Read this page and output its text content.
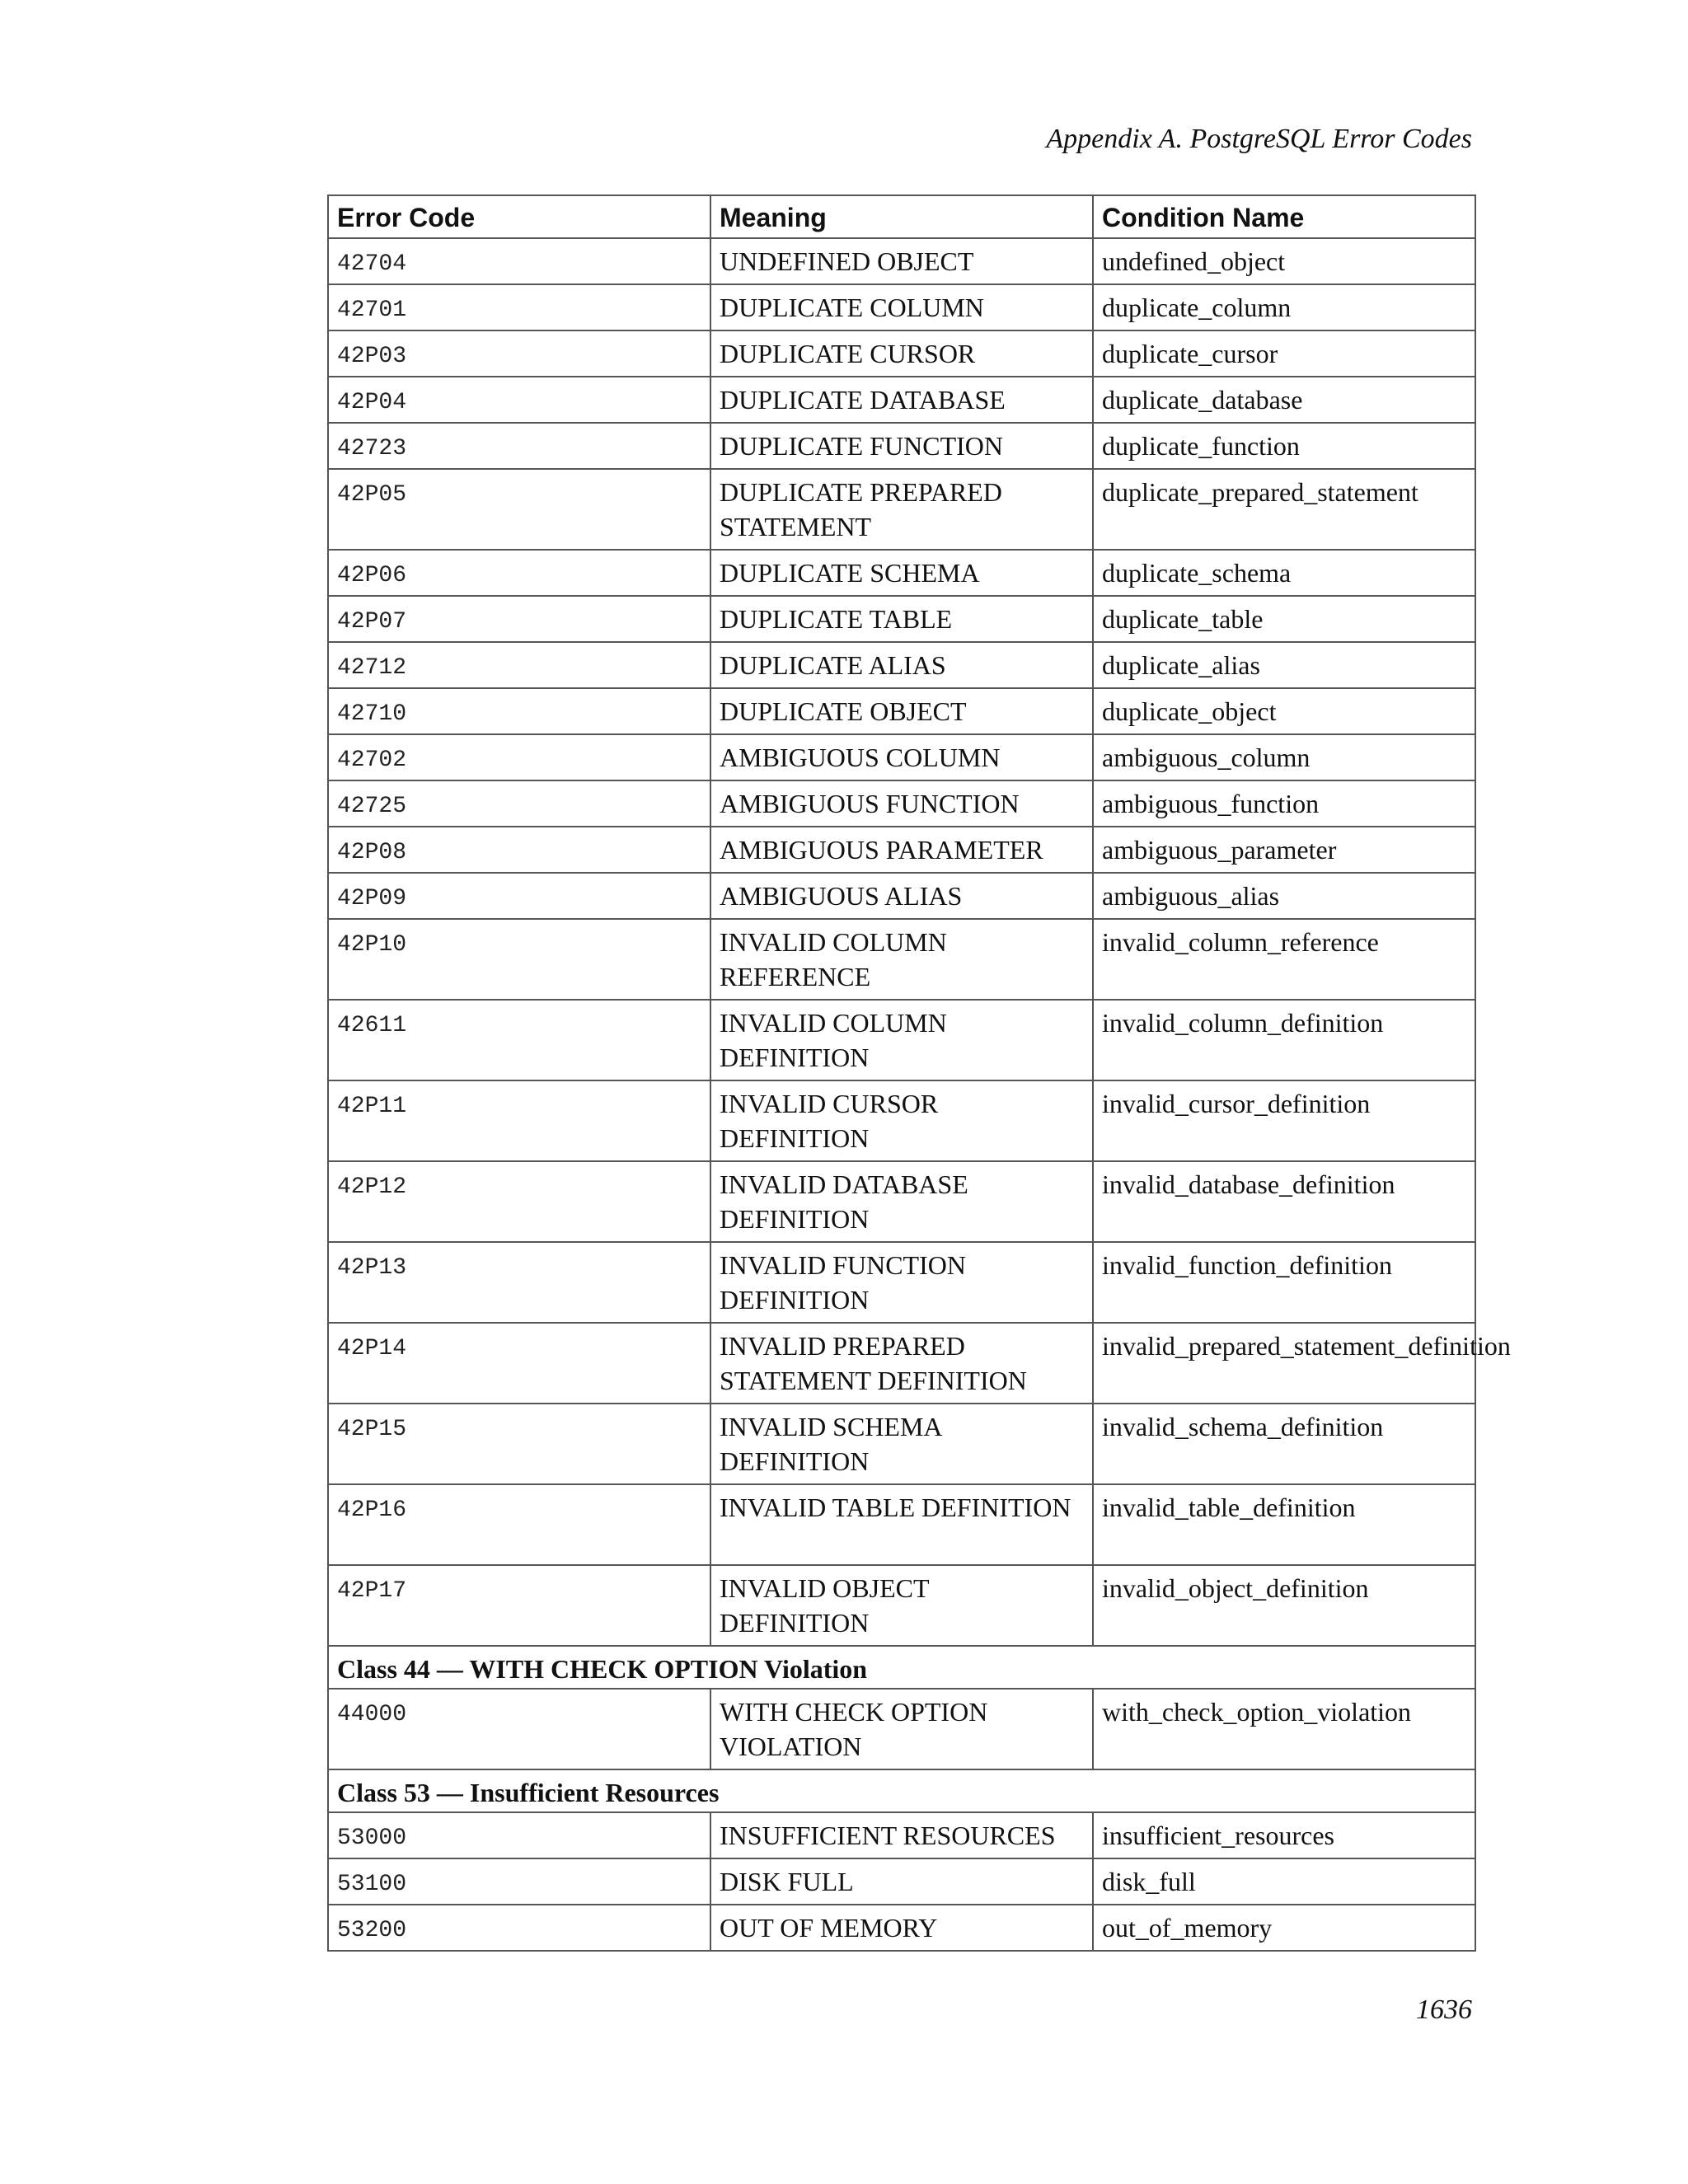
Appendix A. PostgreSQL Error Codes
Error Code	Meaning	Condition Name
42704	UNDEFINED OBJECT	undefined_object
42701	DUPLICATE COLUMN	duplicate_column
42P03	DUPLICATE CURSOR	duplicate_cursor
42P04	DUPLICATE DATABASE	duplicate_database
42723	DUPLICATE FUNCTION	duplicate_function
42P05	DUPLICATE PREPARED STATEMENT	duplicate_prepared_statement
42P06	DUPLICATE SCHEMA	duplicate_schema
42P07	DUPLICATE TABLE	duplicate_table
42712	DUPLICATE ALIAS	duplicate_alias
42710	DUPLICATE OBJECT	duplicate_object
42702	AMBIGUOUS COLUMN	ambiguous_column
42725	AMBIGUOUS FUNCTION	ambiguous_function
42P08	AMBIGUOUS PARAMETER	ambiguous_parameter
42P09	AMBIGUOUS ALIAS	ambiguous_alias
42P10	INVALID COLUMN REFERENCE	invalid_column_reference
42611	INVALID COLUMN DEFINITION	invalid_column_definition
42P11	INVALID CURSOR DEFINITION	invalid_cursor_definition
42P12	INVALID DATABASE DEFINITION	invalid_database_definition
42P13	INVALID FUNCTION DEFINITION	invalid_function_definition
42P14	INVALID PREPARED STATEMENT DEFINITION	invalid_prepared_statement_definition
42P15	INVALID SCHEMA DEFINITION	invalid_schema_definition
42P16	INVALID TABLE DEFINITION	invalid_table_definition
42P17	INVALID OBJECT DEFINITION	invalid_object_definition
Class 44 — WITH CHECK OPTION Violation		
44000	WITH CHECK OPTION VIOLATION	with_check_option_violation
Class 53 — Insufficient Resources		
53000	INSUFFICIENT RESOURCES	insufficient_resources
53100	DISK FULL	disk_full
53200	OUT OF MEMORY	out_of_memory
1636
